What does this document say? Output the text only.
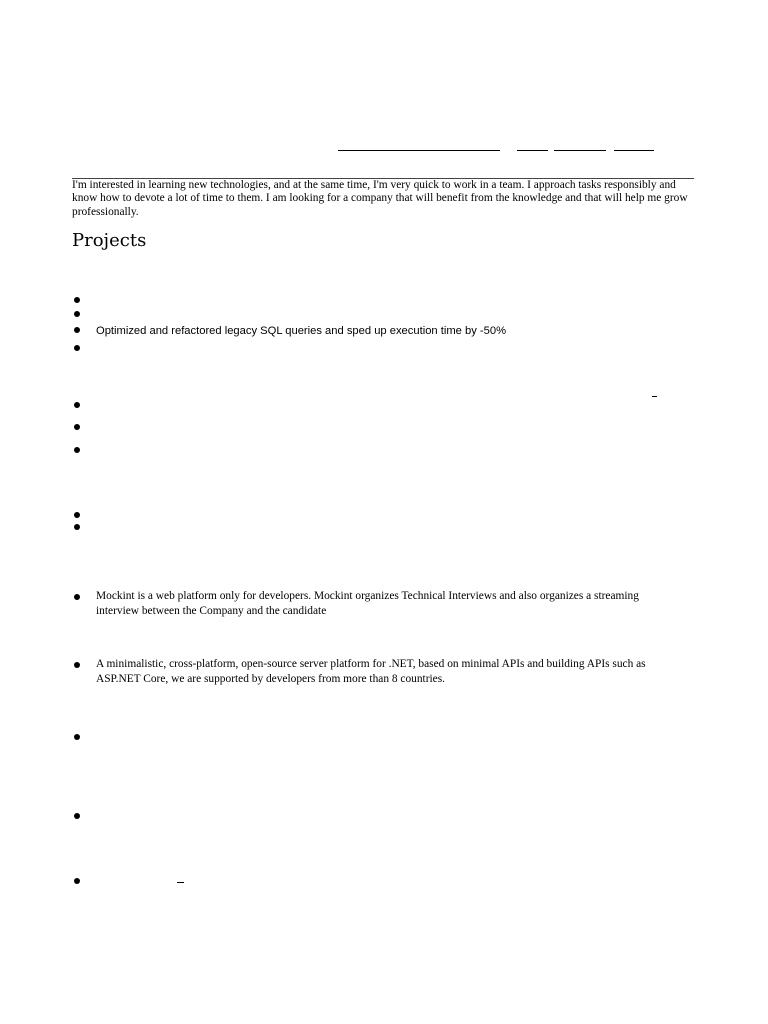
I'm interested in learning new technologies, and at the same time, I'm very quick to work in a team. I approach tasks responsibly and know how to devote a lot of time to them. I am looking for a company that will benefit from the knowledge and that will help me grow professionally.
Projects
Optimized and refactored legacy SQL queries and sped up execution time by -50%
Mockint is a web platform only for developers. Mockint organizes Technical Interviews and also organizes a streaming interview between the Company and the candidate
A minimalistic, cross-platform, open-source server platform for .NET, based on minimal APIs and building APIs such as ASP.NET Core, we are supported by developers from more than 8 countries.
